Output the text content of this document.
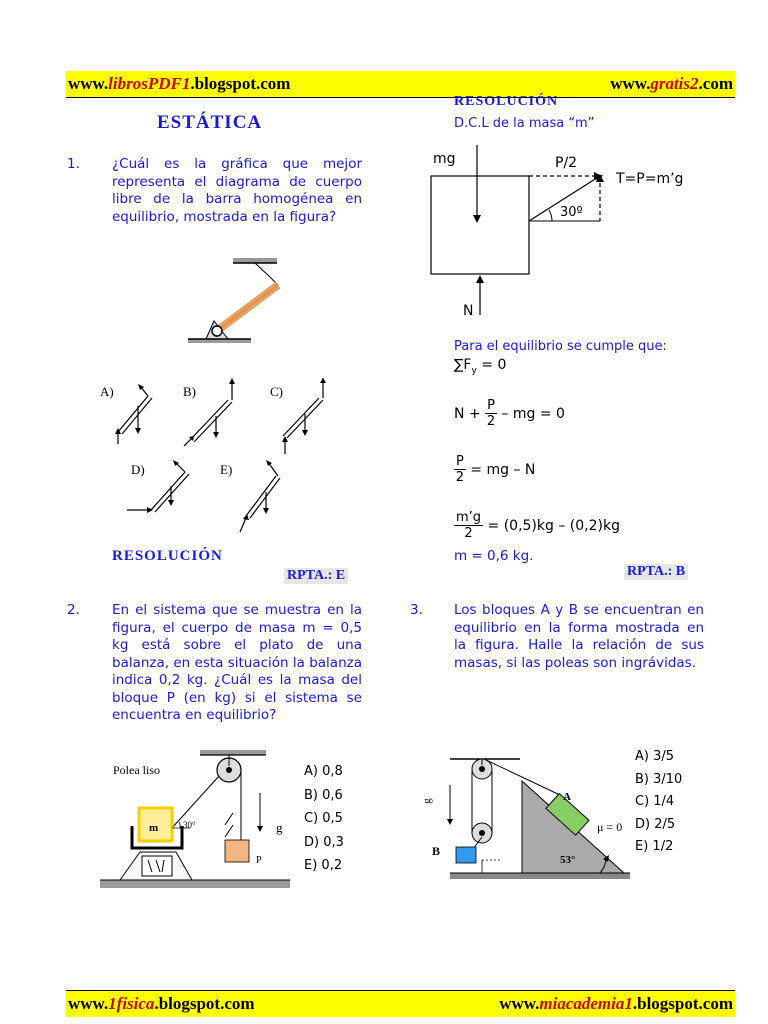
www.librosPDF1.blogspot.com	www.gratis2.com
www.1fisica.blogspot.com	www.miacademia1.blogspot.com
ESTÁTICA
1. ¿Cuál es la gráfica que mejor representa el diagrama de cuerpo libre de la barra homogénea en equilibrio, mostrada en la figura?
A)	B)	C)
D)	E)
RESOLUCIÓN
RPTA.: E
RESOLUCIÓN
D.C.L de la masa “m”
mg	P/2
T=P=m’g
30º
N
Para el equilibrio se cumple que:
$\sum F_y = 0$
$N + \frac{P}{2}$ – mg = 0
$\frac{P}{2}$ = mg – N
$\frac{m’g}{2} = (0,5)kg - (0,2)kg$
m = 0,6 kg.
RPTA.: B
2. En el sistema que se muestra en la figura, el cuerpo de masa m = 0,5 kg está sobre el plato de una balanza, en esta situación la balanza indica 0,2 kg. ¿Cuál es la masa del bloque P (en kg) si el sistema se encuentra en equilibrio?
Polea liso
m	30°	g
P
A) 0,8
B) 0,6
C) 0,5
D) 0,3
E) 0,2
3. Los bloques A y B se encuentran en equilibrio en la forma mostrada en la figura. Halle la relación de sus masas, si las poleas son ingrávidas.
g	A
B
μ = 0
53°
A) 3/5
B) 3/10
C) 1/4
D) 2/5
E) 1/2
